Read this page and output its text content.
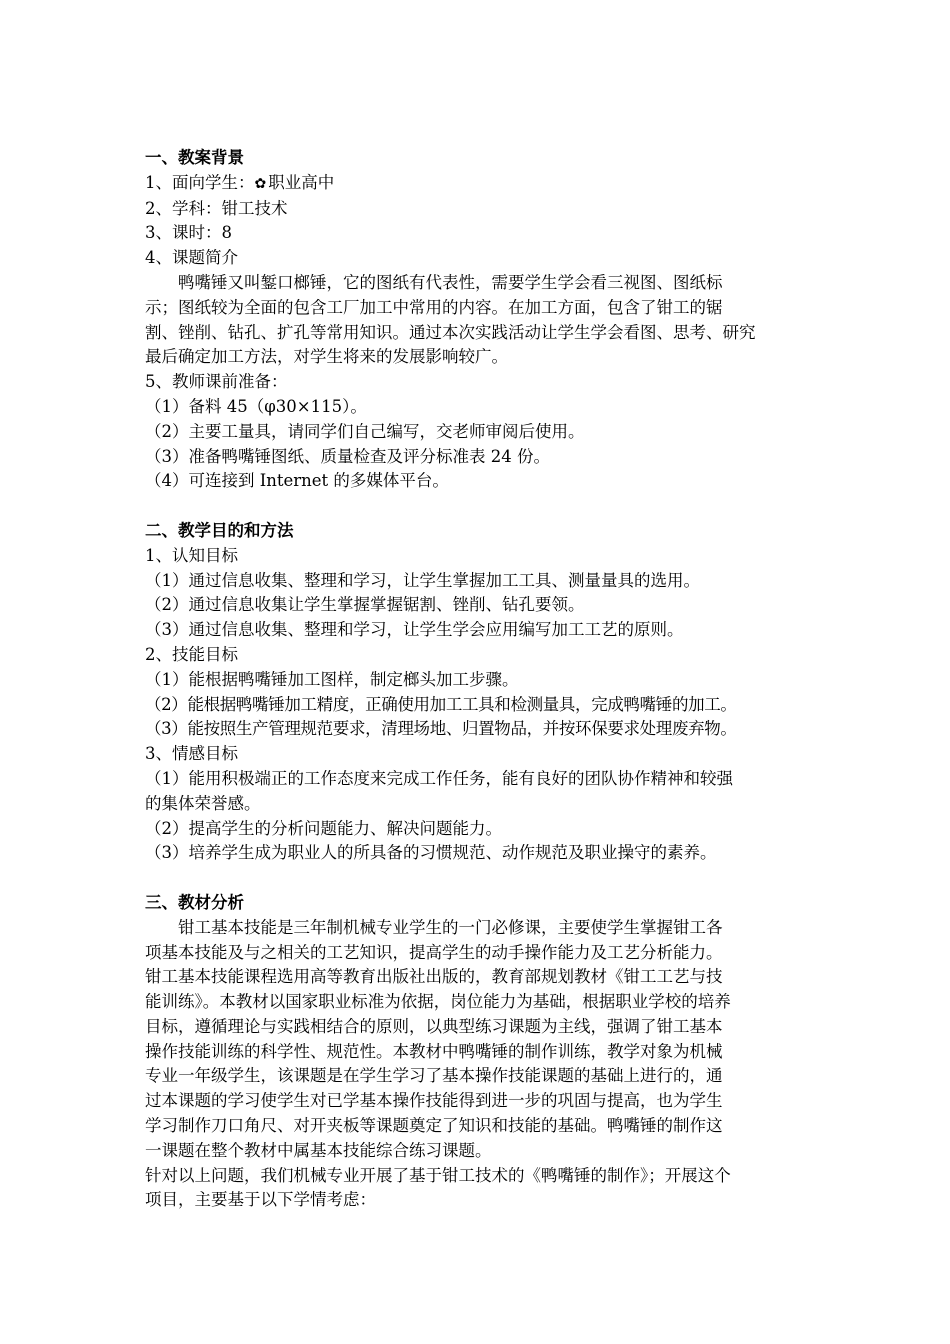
一、教案背景

1、面向学生：✿ 职业高中

2、学科：钳工技术

3、课时：8

4、课题简介

鸭嘴锤又叫錾口榔锤，它的图纸有代表性，需要学生学会看三视图、图纸标

示；图纸较为全面的包含工厂加工中常用的内容。在加工方面，包含了钳工的锯

割、锉削、钻孔、扩孔等常用知识。通过本次实践活动让学生学会看图、思考、研究

最后确定加工方法，对学生将来的发展影响较广。

5、教师课前准备：

（1）备料 45（φ30×115）。

（2）主要工量具，请同学们自己编写，交老师审阅后使用。

（3）准备鸭嘴锤图纸、质量检查及评分标准表 24 份。

（4）可连接到 Internet 的多媒体平台。

二、教学目的和方法

1、认知目标

（1）通过信息收集、整理和学习，让学生掌握加工工具、测量量具的选用。

（2）通过信息收集让学生掌握掌握锯割、锉削、钻孔要领。

（3）通过信息收集、整理和学习，让学生学会应用编写加工工艺的原则。

2、技能目标

（1）能根据鸭嘴锤加工图样，制定榔头加工步骤。

（2）能根据鸭嘴锤加工精度，正确使用加工工具和检测量具，完成鸭嘴锤的加工。

（3）能按照生产管理规范要求，清理场地、归置物品，并按环保要求处理废弃物。

3、情感目标

（1）能用积极端正的工作态度来完成工作任务，能有良好的团队协作精神和较强

的集体荣誉感。

（2）提高学生的分析问题能力、解决问题能力。

（3）培养学生成为职业人的所具备的习惯规范、动作规范及职业操守的素养。

三、教材分析

钳工基本技能是三年制机械专业学生的一门必修课，主要使学生掌握钳工各

项基本技能及与之相关的工艺知识，提高学生的动手操作能力及工艺分析能力。

钳工基本技能课程选用高等教育出版社出版的，教育部规划教材《钳工工艺与技

能训练》。本教材以国家职业标准为依据，岗位能力为基础，根据职业学校的培养

目标，遵循理论与实践相结合的原则，以典型练习课题为主线，强调了钳工基本

操作技能训练的科学性、规范性。本教材中鸭嘴锤的制作训练，教学对象为机械

专业一年级学生，该课题是在学生学习了基本操作技能课题的基础上进行的，通

过本课题的学习使学生对已学基本操作技能得到进一步的巩固与提高，也为学生

学习制作刀口角尺、对开夹板等课题奠定了知识和技能的基础。鸭嘴锤的制作这

一课题在整个教材中属基本技能综合练习课题。

针对以上问题，我们机械专业开展了基于钳工技术的《鸭嘴锤的制作》；开展这个

项目，主要基于以下学情考虑：
